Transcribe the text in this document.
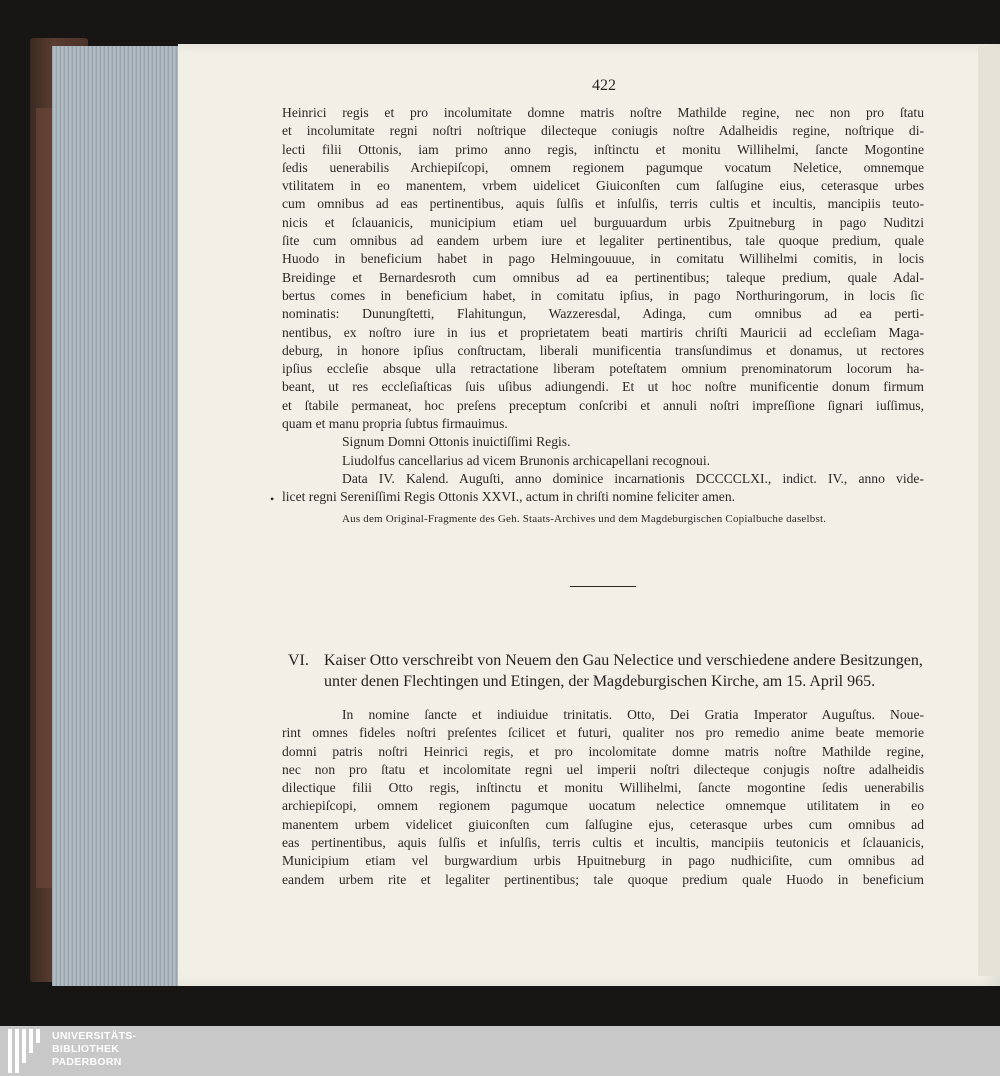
422
Heinrici regis et pro incolumitate domne matris noſtre Mathilde regine, nec non pro ſtatu
et incolumitate regni noſtri noſtrique dilecteque coniugis noſtre Adalheidis regine, noſtrique di-
lecti filii Ottonis, iam primo anno regis, inſtinctu et monitu Willihelmi, ſancte Mogontine
ſedis uenerabilis Archiepiſcopi, omnem regionem pagumque vocatum Neletice, omnemque
vtilitatem in eo manentem, vrbem uidelicet Giuiconſten cum ſalſugine eius, ceterasque urbes
cum omnibus ad eas pertinentibus, aquis ſulſis et inſulſis, terris cultis et incultis, mancipiis teuto-
nicis et ſclauanicis, municipium etiam uel burguuardum urbis Zpuitneburg in pago Nuditzi
ſite cum omnibus ad eandem urbem iure et legaliter pertinentibus, tale quoque predium, quale
Huodo in beneficium habet in pago Helmingouuue, in comitatu Willihelmi comitis, in locis
Breidinge et Bernardesroth cum omnibus ad ea pertinentibus; taleque predium, quale Adal-
bertus comes in beneficium habet, in comitatu ipſius, in pago Northuringorum, in locis ſic
nominatis: Dunungſtetti, Flahitungun, Wazzeresdal, Adinga, cum omnibus ad ea perti-
nentibus, ex noſtro iure in ius et proprietatem beati martiris chriſti Mauricii ad eccleſiam Maga-
deburg, in honore ipſius conſtructam, liberali munificentia transſundimus et donamus, ut rectores
ipſius eccleſie absque ulla retractatione liberam poteſtatem omnium prenominatorum locorum ha-
beant, ut res eccleſiaſticas ſuis uſibus adiungendi. Et ut hoc noſtre munificentie donum firmum
et ſtabile permaneat, hoc preſens preceptum conſcribi et annuli noſtri impreſſione ſignari iuſſimus,
quam et manu propria ſubtus firmauimus.
Signum Domni Ottonis inuictiſſimi Regis.
Liudolfus cancellarius ad vicem Brunonis archicapellani recognoui.
Data IV. Kalend. Auguſti, anno dominice incarnationis DCCCCLXI., indict. IV., anno vide-
licet regni Sereniſſimi Regis Ottonis XXVI., actum in chriſti nomine feliciter amen.
•
Aus dem Original-Fragmente des Geh. Staats-Archives und dem Magdeburgischen Copialbuche daselbst.
VI. Kaiser Otto verschreibt von Neuem den Gau Nelectice und verschiedene andere Besitzungen,
unter denen Flechtingen und Etingen, der Magdeburgischen Kirche, am 15. April 965.
In nomine ſancte et indiuidue trinitatis. Otto, Dei Gratia Imperator Auguſtus. Noue-
rint omnes fideles noſtri preſentes ſcilicet et futuri, qualiter nos pro remedio anime beate memorie
domni patris noſtri Heinrici regis, et pro incolomitate domne matris noſtre Mathilde regine,
nec non pro ſtatu et incolomitate regni uel imperii noſtri dilecteque conjugis noſtre adalheidis
dilectique filii Otto regis, inſtinctu et monitu Willihelmi, ſancte mogontine ſedis uenerabilis
archiepiſcopi, omnem regionem pagumque uocatum nelectice omnemque utilitatem in eo
manentem urbem videlicet giuiconſten cum ſalſugine ejus, ceterasque urbes cum omnibus ad
eas pertinentibus, aquis ſulſis et inſulſis, terris cultis et incultis, mancipiis teutonicis et ſclauanicis,
Municipium etiam vel burgwardium urbis Hpuitneburg in pago nudhiciſite, cum omnibus ad
eandem urbem rite et legaliter pertinentibus; tale quoque predium quale Huodo in beneficium
UNIVERSITÄTS-
BIBLIOTHEK
PADERBORN
